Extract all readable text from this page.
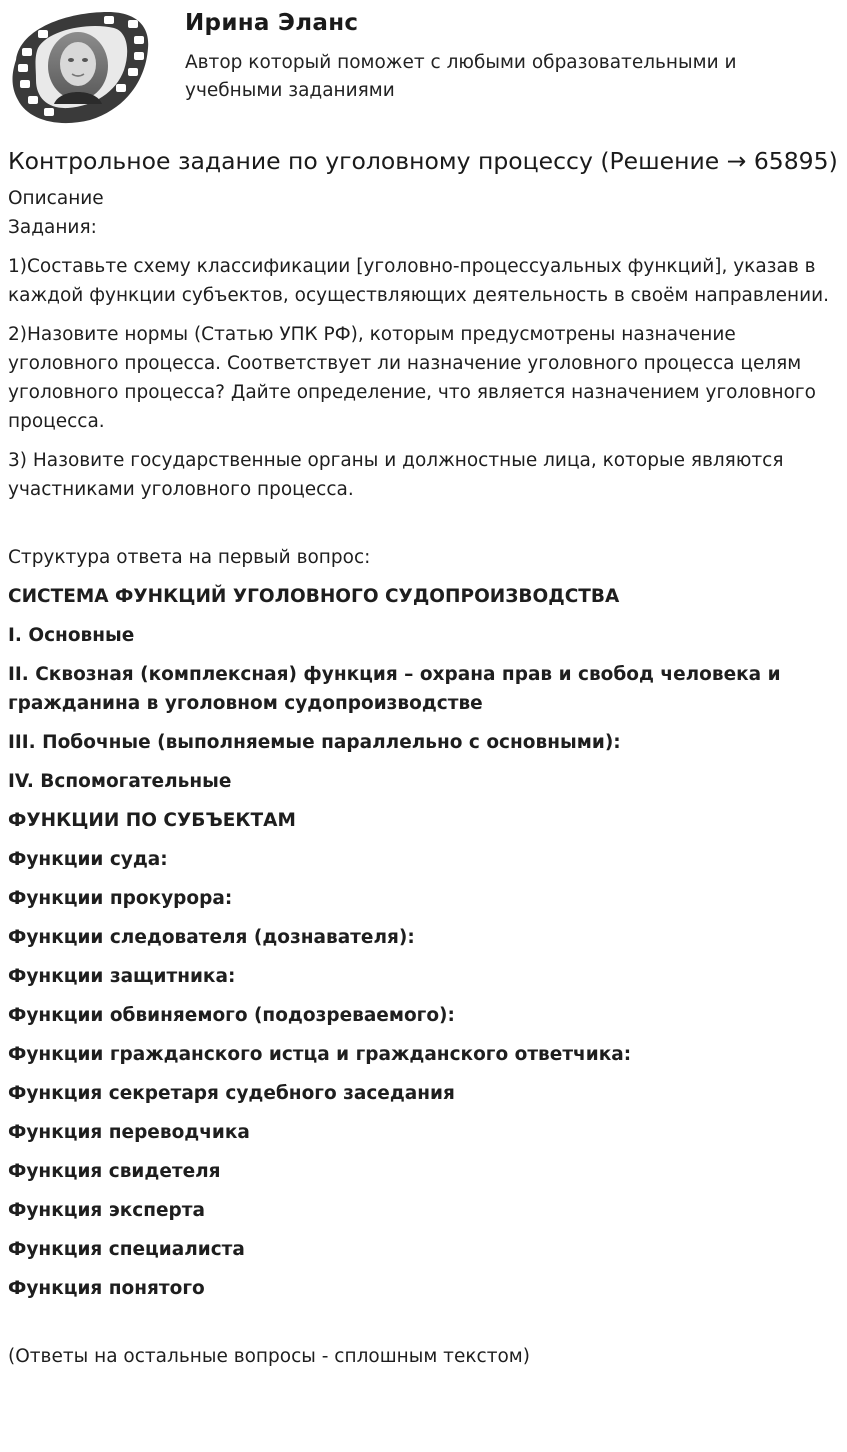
Ирина Эланс
Автор который поможет с любыми образовательными и учебными заданиями
Контрольное задание по уголовному процессу (Решение → 65895)

Описание

Задания:

1)Составьте схему классификации [уголовно-процессуальных функций], указав в каждой функции субъектов, осуществляющих деятельность в своём направлении.

2)Назовите нормы (Статью УПК РФ), которым предусмотрены назначение уголовного процесса. Соответствует ли назначение уголовного процесса целям уголовного процесса? Дайте определение, что является назначением уголовного процесса.

3) Назовите государственные органы и должностные лица, которые являются участниками уголовного процесса.

Структура ответа на первый вопрос:

СИСТЕМА ФУНКЦИЙ УГОЛОВНОГО СУДОПРОИЗВОДСТВА

I. Основные

II. Сквозная (комплексная) функция – охрана прав и свобод человека и гражданина в уголовном судопроизводстве

III. Побочные (выполняемые параллельно с основными):

IV. Вспомогательные

ФУНКЦИИ ПО СУБЪЕКТАМ

Функции суда:

Функции прокурора:

Функции следователя (дознавателя):

Функции защитника:

Функции обвиняемого (подозреваемого):

Функции гражданского истца и гражданского ответчика:

Функция секретаря судебного заседания

Функция переводчика

Функция свидетеля

Функция эксперта

Функция специалиста

Функция понятого

(Ответы на остальные вопросы - сплошным текстом)
